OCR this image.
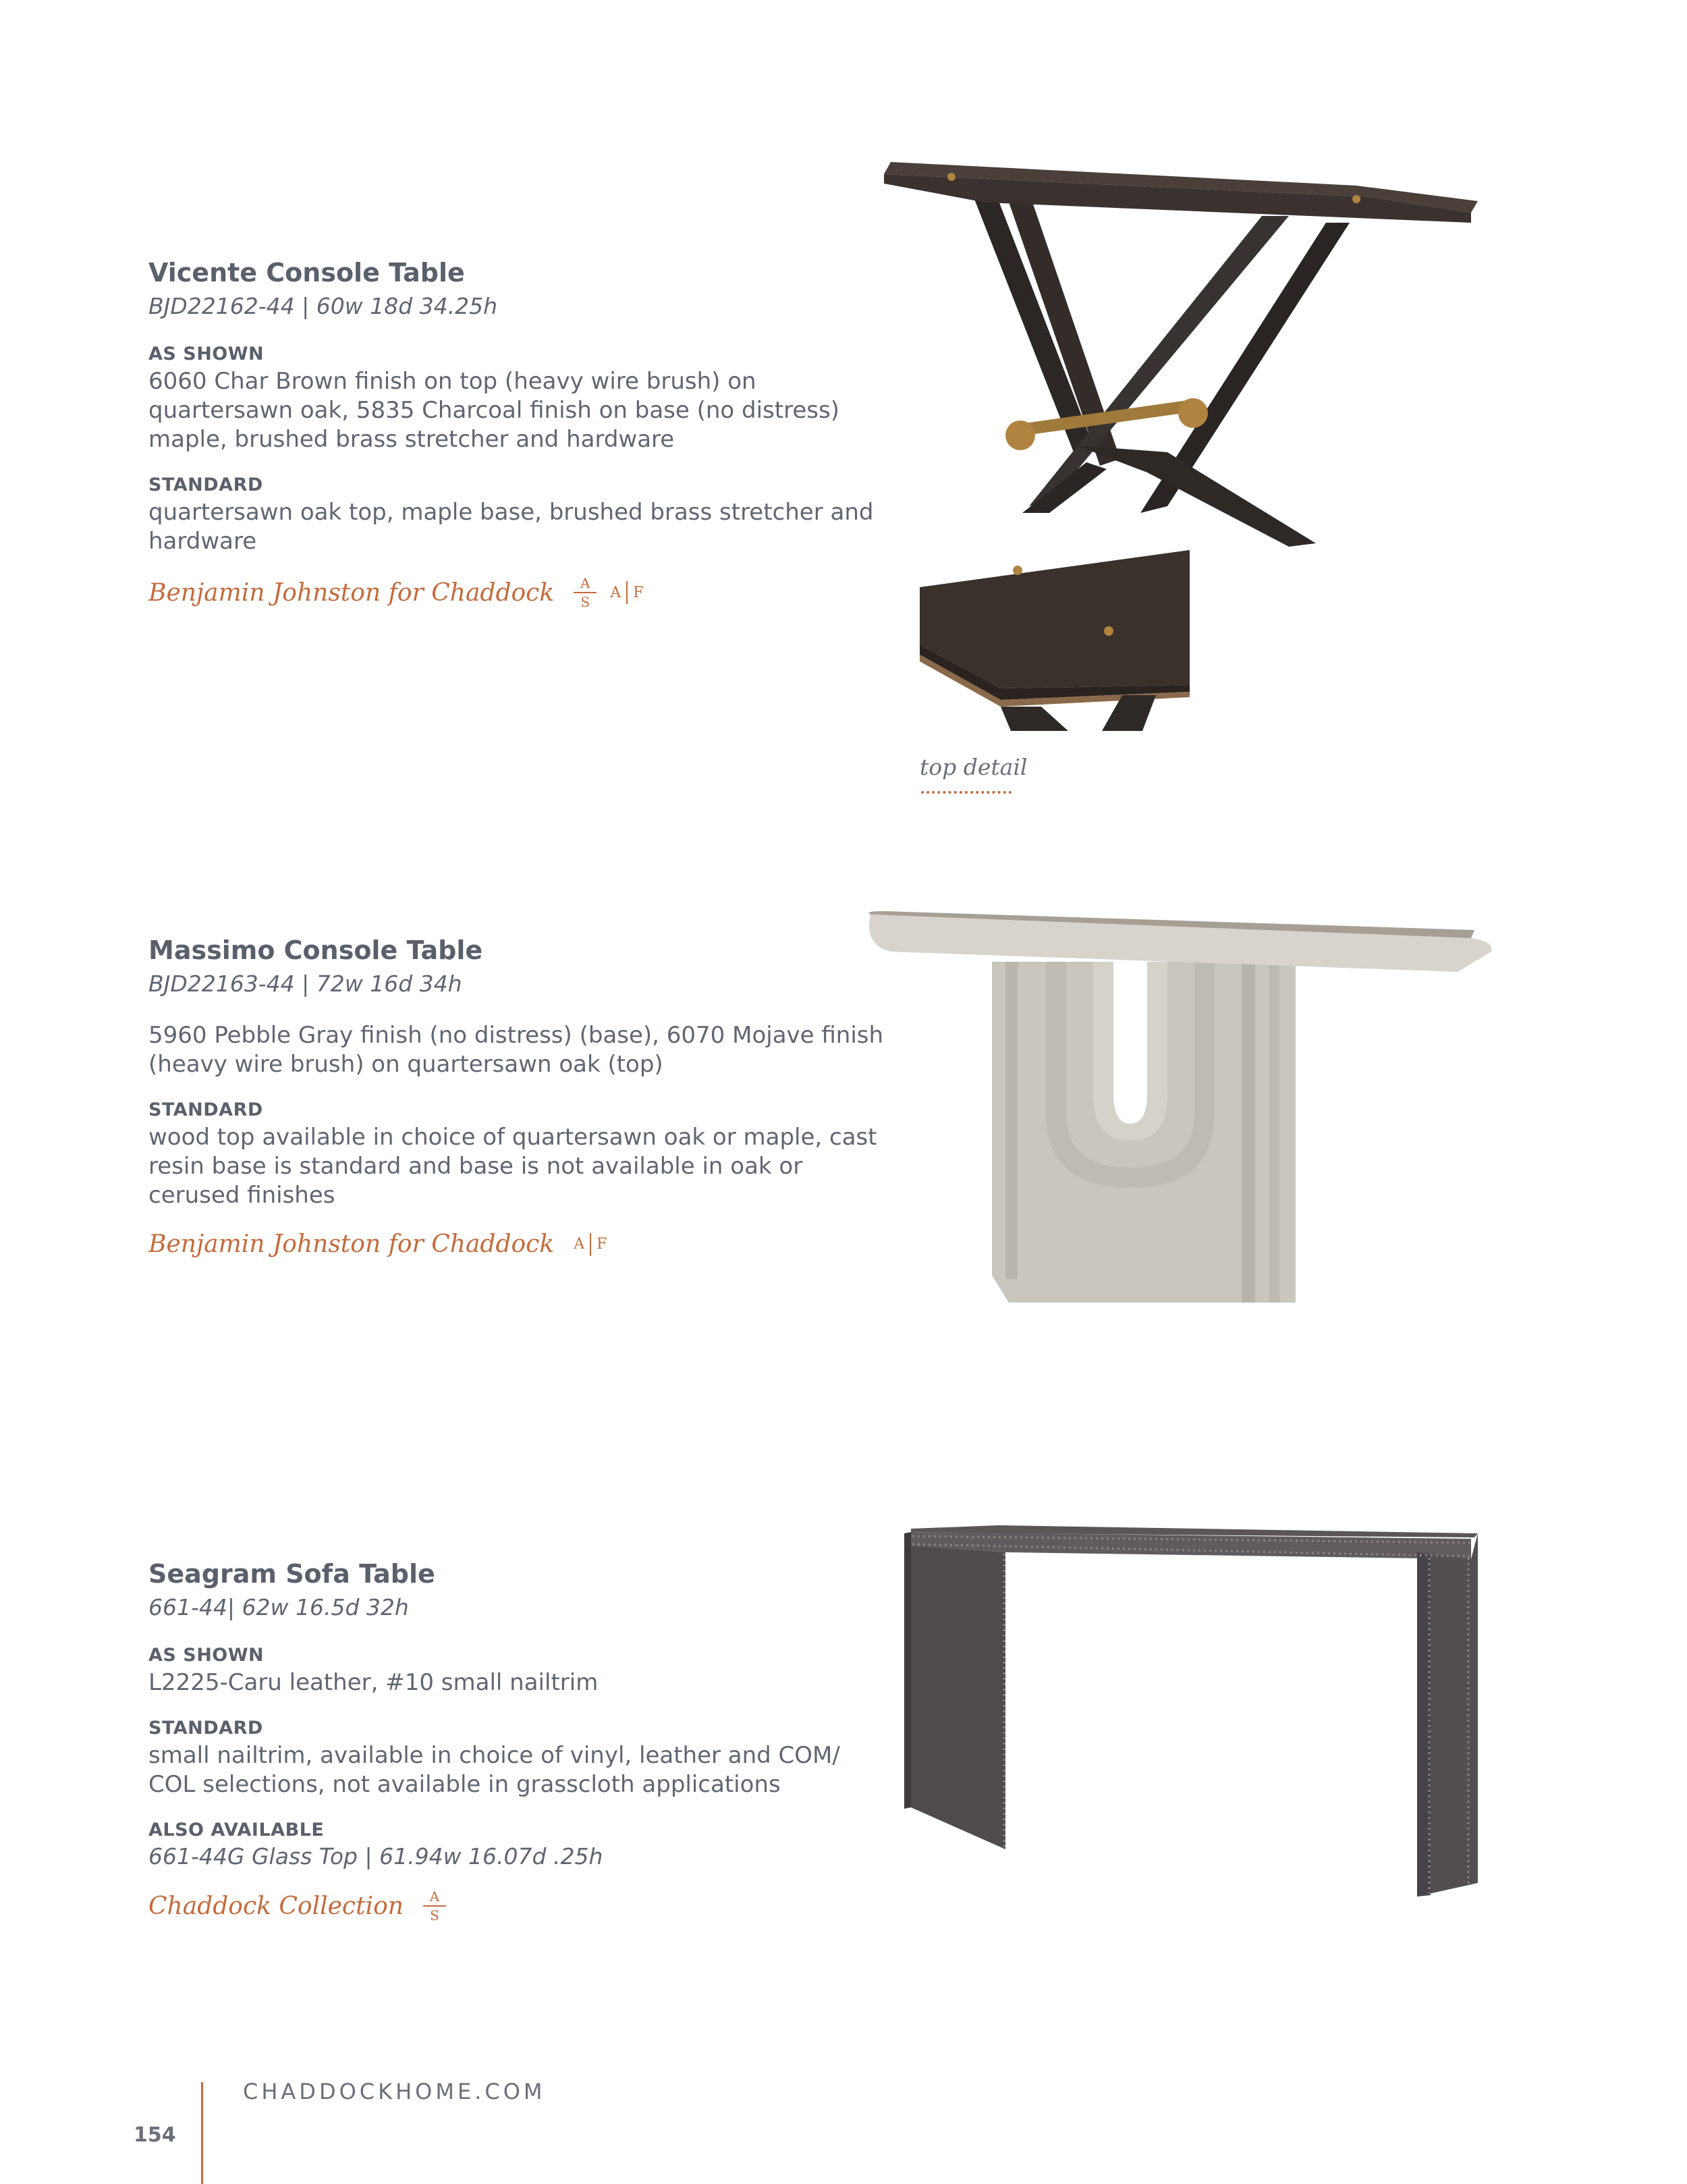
Vicente Console Table
BJD22162-44 | 60w 18d 34.25h
AS SHOWN
6060 Char Brown finish on top (heavy wire brush) on quartersawn oak, 5835 Charcoal finish on base (no distress) maple, brushed brass stretcher and hardware
STANDARD
quartersawn oak top, maple base, brushed brass stretcher and hardware
Benjamin Johnston for Chaddock $\frac{A}{S}$ A F
top detail
Massimo Console Table
BJD22163-44 | 72w 16d 34h
5960 Pebble Gray finish (no distress) (base), 6070 Mojave finish (heavy wire brush) on quartersawn oak (top)
STANDARD
wood top available in choice of quartersawn oak or maple, cast resin base is standard and base is not available in oak or cerused finishes
Benjamin Johnston for Chaddock A F
Seagram Sofa Table
661-44| 62w 16.5d 32h
AS SHOWN
L2225-Caru leather, #10 small nailtrim
STANDARD
small nailtrim, available in choice of vinyl, leather and COM/ COL selections, not available in grasscloth applications
ALSO AVAILABLE
661-44G Glass Top | 61.94w 16.07d .25h
Chaddock Collection $\frac{A}{S}$
CHADDOCKHOME.COM
154
